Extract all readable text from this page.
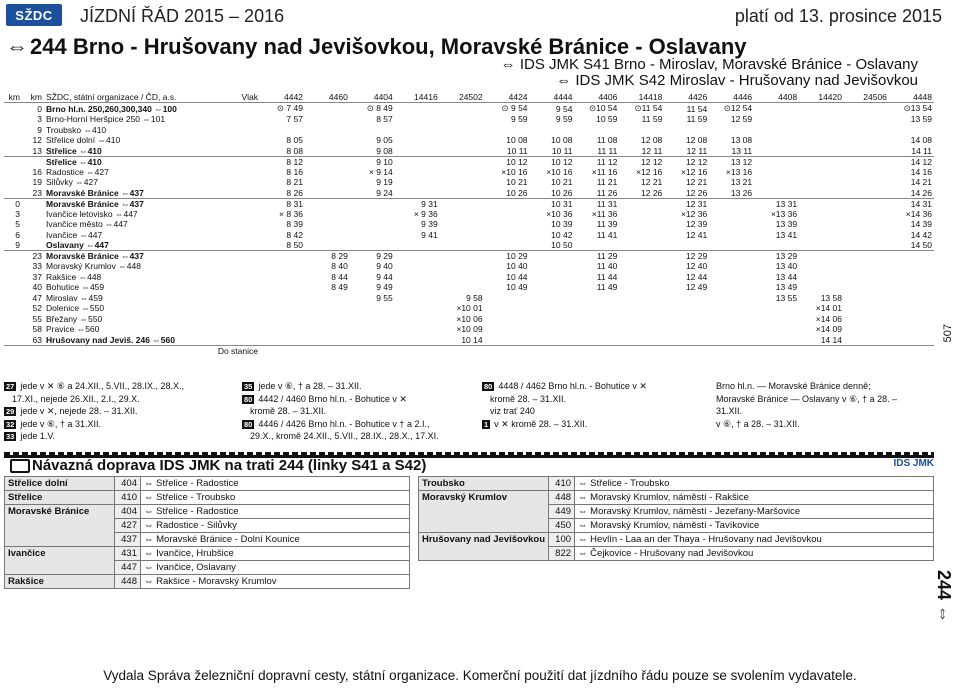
SŽDC JÍZDNÍ ŘÁD 2015 – 2016	platí od 13. prosince 2015
⇔244 Brno - Hrušovany nad Jevišovkou, Moravské Bránice - Oslavany
⇔ IDS JMK S41 Brno - Miroslav, Moravské Bránice - Oslavany
⇔ IDS JMK S42 Miroslav - Hrušovany nad Jevišovkou
km	km	SŽDC, státní organizace / ČD, a.s.	Vlak	4442	4460	4404	14416	24502	4424	4444	4406	14418	4426	4446	4408	14420	24506	4448
	0	Brno hl.n. 250,260,300,340 ⇔100		⊙ 7 49		⊙ 8 49			⊙ 9 54	9 54	⊙10 54	⊙11 54	11 54	⊙12 54				⊙13 54
	3	Brno-Horní Heršpice 250 ⇔101		7 57		8 57			9 59	9 59	10 59	11 59	11 59	12 59				13 59
	9	Troubsko ⇔410																
	12	Střelice dolní ⇔410		8 05		9 05			10 08	10 08	11 08	12 08	12 08	13 08				14 08
	13	Střelice ⇔410		8 08		9 08			10 11	10 11	11 11	12 11	12 11	13 11				14 11
		Střelice ⇔410		8 12		9 10			10 12	10 12	11 12	12 12	12 12	13 12				14 12
	16	Radostice ⇔427		8 16		× 9 14			×10 16	×10 16	×11 16	×12 16	×12 16	×13 16				14 16
	19	Silůvky ⇔427		8 21		9 19			10 21	10 21	11 21	12 21	12 21	13 21				14 21
	23	Moravské Bránice ⇔437		8 26		9 24			10 26	10 26	11 26	12 26	12 26	13 26				14 26
0		Moravské Bránice ⇔437		8 31			9 31			10 31	11 31		12 31		13 31			14 31
3		Ivančice letovisko ⇔447		× 8 36			× 9 36			×10 36	×11 36		×12 36		×13 36			×14 36
5		Ivančice město ⇔447		8 39			9 39			10 39	11 39		12 39		13 39			14 39
6		Ivančice ⇔447		8 42			9 41			10 42	11 41		12 41		13 41			14 42
9		Oslavany ⇔447		8 50						10 50								14 50
	23	Moravské Bránice ⇔437			8 29	9 29			10 29		11 29		12 29		13 29			
	33	Moravský Krumlov ⇔448			8 40	9 40			10 40		11 40		12 40		13 40			
	37	Rakšice ⇔448			8 44	9 44			10 44		11 44		12 44		13 44			
	40	Bohutice ⇔459			8 49	9 49			10 49		11 49		12 49		13 49			
	47	Miroslav ⇔459				9 55		9 58							13 55	13 58		
	52	Dolenice ⇔550						×10 01								×14 01		
	55	Břežany ⇔550						×10 06								×14 06		
	58	Pravice ⇔560						×10 09								×14 09		
	63	Hrušovany nad Jeviš. 246 ⇔560						10 14								14 14		
Do stanice																		
27 jede v ✕ ⑥ a 24.XII., 5.VII., 28.IX., 28.X.,
17.XI., nejede 26.XII., 2.I., 29.X.
29 jede v ✕, nejede 28. – 31.XII.
32 jede v ⑥, † a 31.XII.
33 jede 1.V.
35 jede v ⑥, † a 28. – 31.XII.
80 4442 / 4460 Brno hl.n. - Bohutice v ✕
kromě 28. – 31.XII.
80 4446 / 4426 Brno hl.n. - Bohutice v † a 2.I.,
29.X., kromě 24.XII., 5.VII., 28.IX., 28.X., 17.XI.
80 4448 / 4462 Brno hl.n. - Bohutice v ✕
kromě 28. – 31.XII.
viz trať 240
1 v ✕ kromě 28. – 31.XII.
Brno hl.n. — Moravské Bránice denně;
Moravské Bránice — Oslavany v ⑥, † a 28. –
31.XII.
v ⑥, † a 28. – 31.XII.
507
Návazná doprava IDS JMK na trati 244 (linky S41 a S42)	IDS JMK
Střelice dolní	404	⇔ Střelice - Radostice
Střelice	410	⇔ Střelice - Troubsko
Moravské Bránice	404	⇔ Střelice - Radostice
	427	⇔ Radostice - Silůvky
	437	⇔ Moravské Bránice - Dolní Kounice
Ivančice	431	⇔ Ivančice, Hrubšice
	447	⇔ Ivančice, Oslavany
Rakšice	448	⇔ Rakšice - Moravský Krumlov
Troubsko	410	⇔ Střelice - Troubsko
Moravský Krumlov	448	⇔ Moravský Krumlov, náměstí - Rakšice
	449	⇔ Moravský Krumlov, náměstí - Jezeřany-Maršovice
	450	⇔ Moravský Krumlov, náměstí - Tavíkovice
Hrušovany nad Jevišovkou	100	⇔ Hevlín - Laa an der Thaya - Hrušovany nad Jevišovkou
	822	⇔ Čejkovice - Hrušovany nad Jevišovkou
244 ⇔
Vydala Správa železniční dopravní cesty, státní organizace. Komerční použití dat jízdního řádu pouze se svolením vydavatele.
